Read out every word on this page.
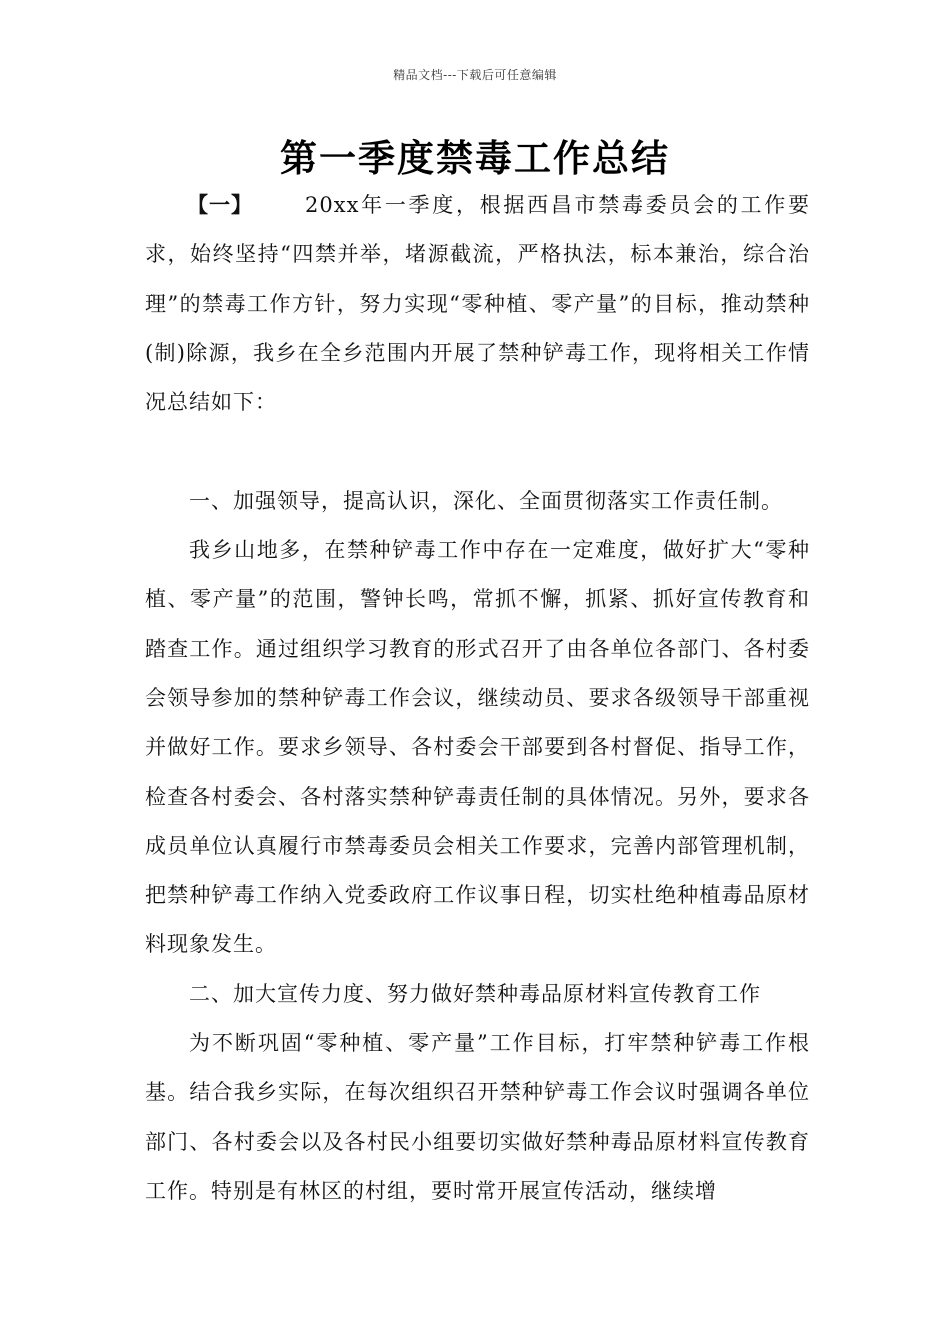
精品文档---下载后可任意编辑
第一季度禁毒工作总结

【一】 20xx年一季度，根据西昌市禁毒委员会的工作要求，始终坚持“四禁并举，堵源截流，严格执法，标本兼治，综合治理”的禁毒工作方针，努力实现“零种植、零产量”的目标，推动禁种(制)除源，我乡在全乡范围内开展了禁种铲毒工作，现将相关工作情况总结如下：

一、加强领导，提高认识，深化、全面贯彻落实工作责任制。

我乡山地多，在禁种铲毒工作中存在一定难度，做好扩大“零种植、零产量”的范围，警钟长鸣，常抓不懈，抓紧、抓好宣传教育和踏查工作。通过组织学习教育的形式召开了由各单位各部门、各村委会领导参加的禁种铲毒工作会议，继续动员、要求各级领导干部重视并做好工作。要求乡领导、各村委会干部要到各村督促、指导工作，检查各村委会、各村落实禁种铲毒责任制的具体情况。另外，要求各成员单位认真履行市禁毒委员会相关工作要求，完善内部管理机制，把禁种铲毒工作纳入党委政府工作议事日程，切实杜绝种植毒品原材料现象发生。

二、加大宣传力度、努力做好禁种毒品原材料宣传教育工作

为不断巩固“零种植、零产量”工作目标，打牢禁种铲毒工作根基。结合我乡实际，在每次组织召开禁种铲毒工作会议时强调各单位部门、各村委会以及各村民小组要切实做好禁种毒品原材料宣传教育工作。特别是有林区的村组，要时常开展宣传活动，继续增
